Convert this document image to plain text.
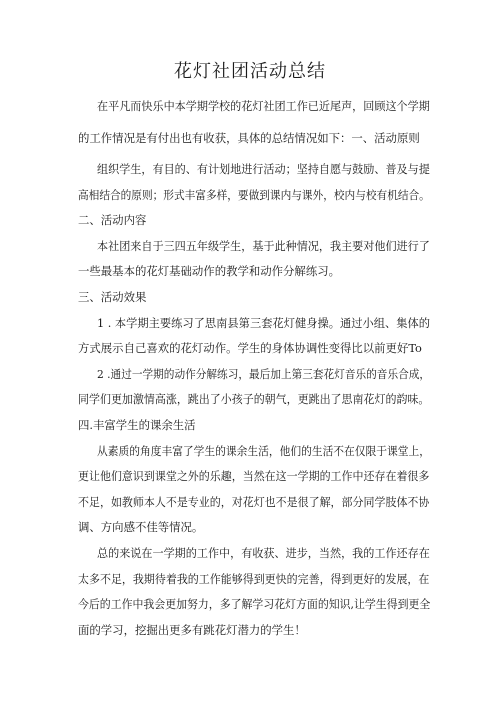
花灯社团活动总结
在平凡而快乐中本学期学校的花灯社团工作已近尾声，回顾这个学期
的工作情况是有付出也有收获，具体的总结情况如下：一、活动原则
组织学生，有目的、有计划地进行活动；坚持自愿与鼓励、普及与提
高相结合的原则；形式丰富多样，要做到课内与课外，校内与校有机结合。
二、活动内容
本社团来自于三四五年级学生，基于此种情况，我主要对他们进行了
一些最基本的花灯基础动作的教学和动作分解练习。
三、活动效果
1 . 本学期主要练习了思南县第三套花灯健身操。通过小组、集体的
方式展示自己喜欢的花灯动作。学生的身体协调性变得比以前更好To
2 .通过一学期的动作分解练习，最后加上第三套花灯音乐的音乐合成，
同学们更加激情高涨，跳出了小孩子的朝气，更跳出了思南花灯的韵味。
四.丰富学生的课余生活
从素质的角度丰富了学生的课余生活，他们的生活不在仅限于课堂上，
更让他们意识到课堂之外的乐趣，当然在这一学期的工作中还存在着很多
不足，如教师本人不是专业的，对花灯也不是很了解，部分同学肢体不协
调、方向感不佳等情况。
总的来说在一学期的工作中，有收获、进步，当然，我的工作还存在
太多不足，我期待着我的工作能够得到更快的完善，得到更好的发展，在
今后的工作中我会更加努力，多了解学习花灯方面的知识,让学生得到更全
面的学习，挖掘出更多有跳花灯潜力的学生！
